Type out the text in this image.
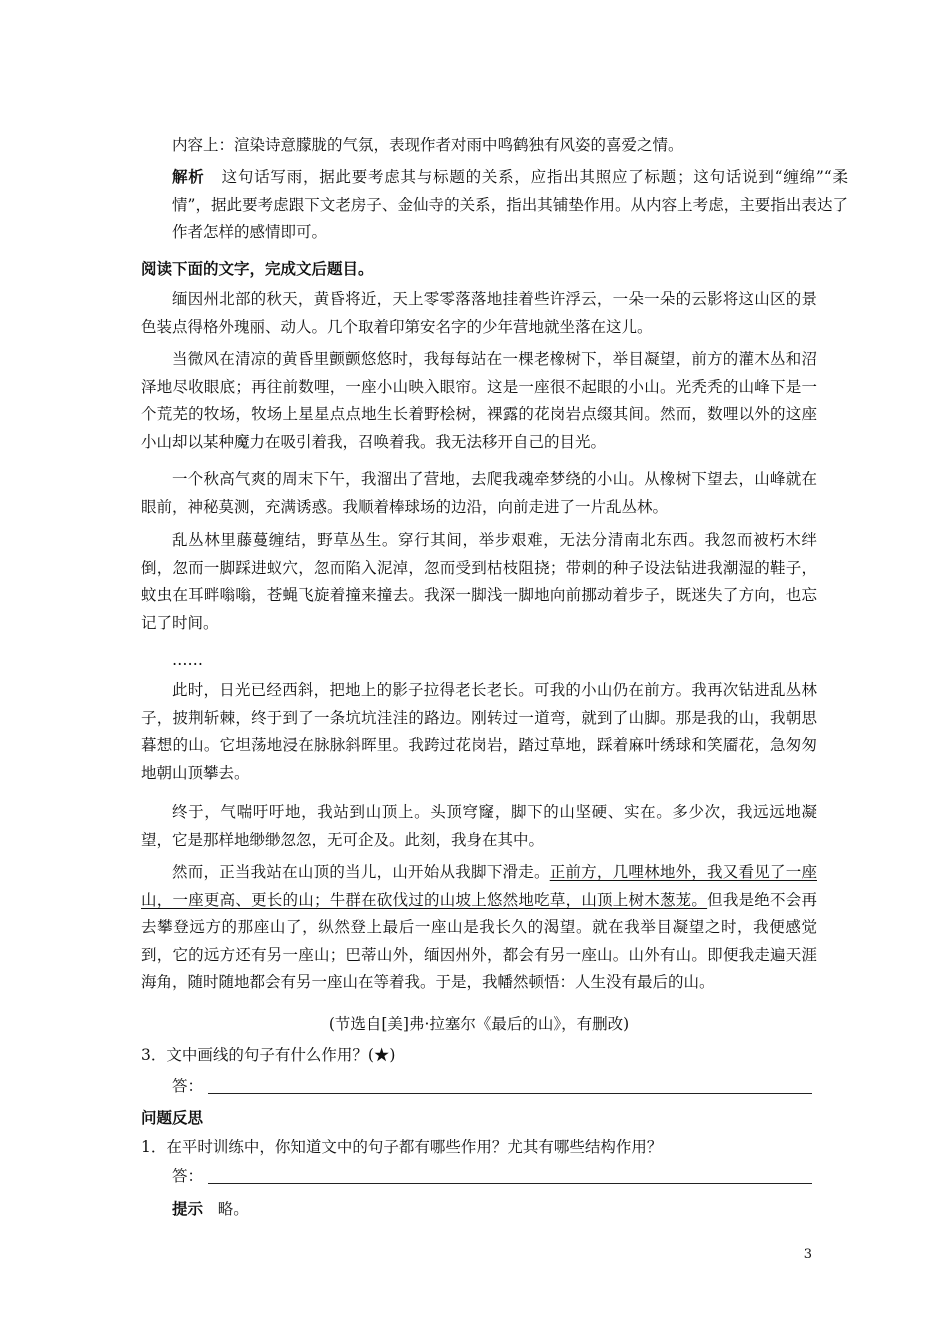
内容上：渲染诗意朦胧的气氛，表现作者对雨中鸣鹤独有风姿的喜爱之情。

解析 这句话写雨，据此要考虑其与标题的关系，应指出其照应了标题；这句话说到“缠绵”“柔情”，据此要考虑跟下文老房子、金仙寺的关系，指出其铺垫作用。从内容上考虑，主要指出表达了作者怎样的感情即可。

阅读下面的文字，完成文后题目。

缅因州北部的秋天，黄昏将近，天上零零落落地挂着些许浮云，一朵一朵的云影将这山区的景色装点得格外瑰丽、动人。几个取着印第安名字的少年营地就坐落在这儿。

当微风在清凉的黄昏里颤颤悠悠时，我每每站在一棵老橡树下，举目凝望，前方的灌木丛和沼泽地尽收眼底；再往前数哩，一座小山映入眼帘。这是一座很不起眼的小山。光秃秃的山峰下是一个荒芜的牧场，牧场上星星点点地生长着野桧树，裸露的花岗岩点缀其间。然而，数哩以外的这座小山却以某种魔力在吸引着我，召唤着我。我无法移开自己的目光。

一个秋高气爽的周末下午，我溜出了营地，去爬我魂牵梦绕的小山。从橡树下望去，山峰就在眼前，神秘莫测，充满诱惑。我顺着棒球场的边沿，向前走进了一片乱丛林。

乱丛林里藤蔓缠结，野草丛生。穿行其间，举步艰难，无法分清南北东西。我忽而被朽木绊倒，忽而一脚踩进蚁穴，忽而陷入泥淖，忽而受到枯枝阻挠；带刺的种子设法钻进我潮湿的鞋子，蚊虫在耳畔嗡嗡，苍蝇飞旋着撞来撞去。我深一脚浅一脚地向前挪动着步子，既迷失了方向，也忘记了时间。

……

此时，日光已经西斜，把地上的影子拉得老长老长。可我的小山仍在前方。我再次钻进乱丛林子，披荆斩棘，终于到了一条坑坑洼洼的路边。刚转过一道弯，就到了山脚。那是我的山，我朝思暮想的山。它坦荡地浸在脉脉斜晖里。我跨过花岗岩，踏过草地，踩着麻叶绣球和笑靥花，急匆匆地朝山顶攀去。

终于，气喘吁吁地，我站到山顶上。头顶穹窿，脚下的山坚硬、实在。多少次，我远远地凝望，它是那样地缈缈忽忽，无可企及。此刻，我身在其中。

然而，正当我站在山顶的当儿，山开始从我脚下滑走。正前方，几哩林地外，我又看见了一座山，一座更高、更长的山；牛群在砍伐过的山坡上悠然地吃草，山顶上树木葱茏。但我是绝不会再去攀登远方的那座山了，纵然登上最后一座山是我长久的渴望。就在我举目凝望之时，我便感觉到，它的远方还有另一座山；巴蒂山外，缅因州外，都会有另一座山。山外有山。即便我走遍天涯海角，随时随地都会有另一座山在等着我。于是，我幡然顿悟：人生没有最后的山。

(节选自[美]弗·拉塞尔《最后的山》，有删改)

3．文中画线的句子有什么作用？(★)

答：

问题反思

1．在平时训练中，你知道文中的句子都有哪些作用？尤其有哪些结构作用？

答：

提示 略。

3
